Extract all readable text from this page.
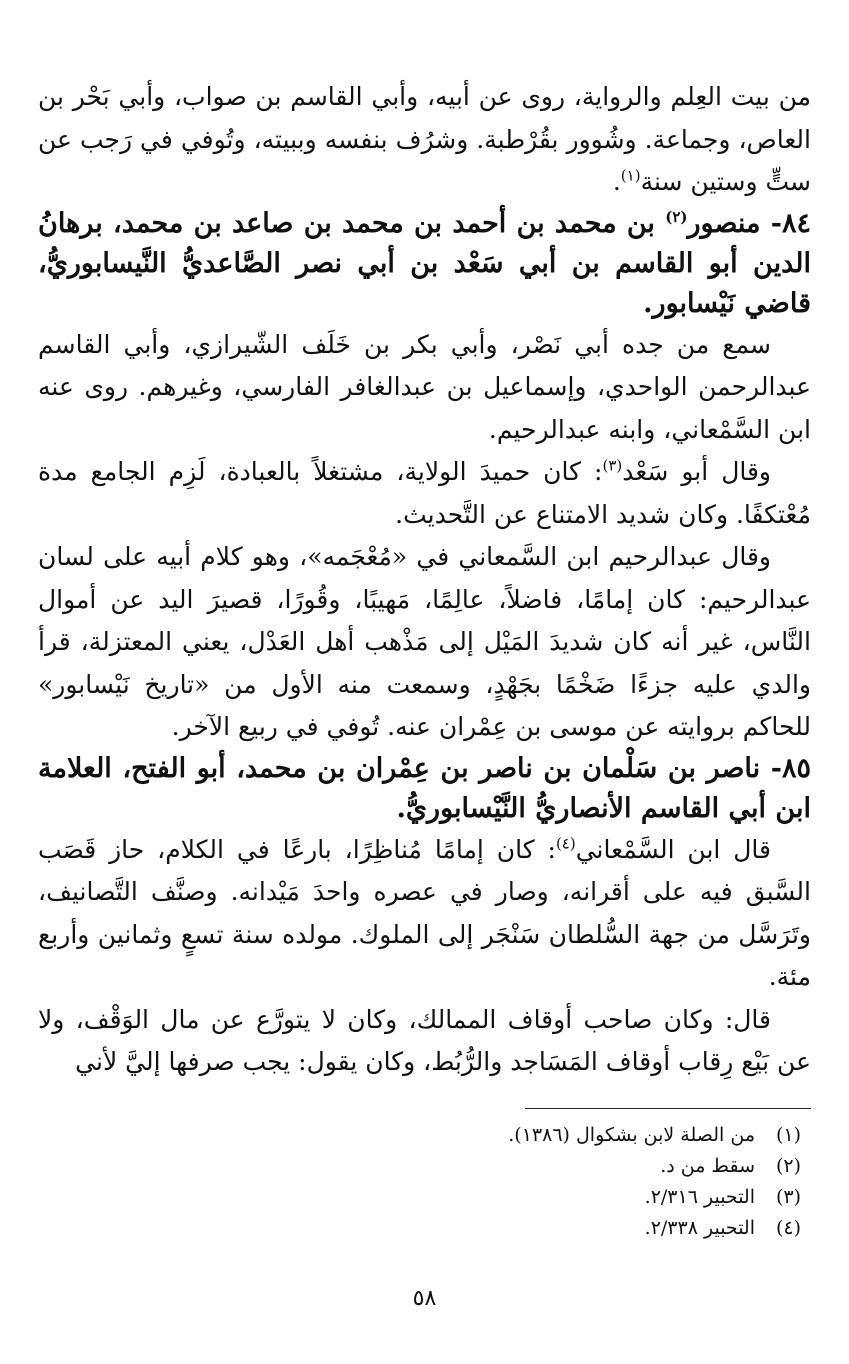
من بيت العِلم والرواية، روى عن أبيه، وأبي القاسم بن صواب، وأبي بَحْر بن العاص، وجماعة. وشُوور بقُرْطبة. وشرُف بنفسه وببيته، وتُوفي في رَجب عن ستٍّ وستين سنة$^{(١)}$.

٨٤- منصور$^{(٢)}$ بن محمد بن أحمد بن محمد بن صاعد بن محمد، برهانُ الدين أبو القاسم بن أبي سَعْد بن أبي نصر الصَّاعديُّ النَّيسابوريُّ، قاضي نَيْسابور.

سمع من جده أبي نَصْر، وأبي بكر بن خَلَف الشّيرازي، وأبي القاسم عبدالرحمن الواحدي، وإسماعيل بن عبدالغافر الفارسي، وغيرهم. روى عنه ابن السَّمْعاني، وابنه عبدالرحيم.

وقال أبو سَعْد$^{(٣)}$: كان حميدَ الولاية، مشتغلاً بالعبادة، لَزِم الجامع مدة مُعْتكفًا. وكان شديد الامتناع عن التَّحديث.

وقال عبدالرحيم ابن السَّمعاني في «مُعْجَمه»، وهو كلام أبيه على لسان عبدالرحيم: كان إمامًا، فاضلاً، عالِمًا، مَهيبًا، وقُورًا، قصيرَ اليد عن أموال النَّاس، غير أنه كان شديدَ المَيْل إلى مَذْهب أهل العَدْل، يعني المعتزلة، قرأ والدي عليه جزءًا ضَخْمًا بجَهْدٍ، وسمعت منه الأول من «تاريخ نَيْسابور» للحاكم بروايته عن موسى بن عِمْران عنه. تُوفي في ربيع الآخر.

٨٥- ناصر بن سَلْمان بن ناصر بن عِمْران بن محمد، أبو الفتح، العلامة ابن أبي القاسم الأنصاريُّ النَّيْسابوريُّ.

قال ابن السَّمْعاني$^{(٤)}$: كان إمامًا مُناظِرًا، بارعًا في الكلام، حاز قَصَب السَّبق فيه على أقرانه، وصار في عصره واحدَ مَيْدانه. وصنَّف التَّصانيف، وتَرَسَّل من جهة السُّلطان سَنْجَر إلى الملوك. مولده سنة تسعٍ وثمانين وأربع مئة.

قال: وكان صاحب أوقاف الممالك، وكان لا يتورَّع عن مال الوَقْف، ولا عن بَيْع رِقاب أوقاف المَسَاجد والرُّبُط، وكان يقول: يجب صرفها إليَّ لأني

(١)من الصلة لابن بشكوال (١٣٨٦).
(٢)سقط من د.
(٣)التحبير ٢/٣١٦.
(٤)التحبير ٢/٣٣٨.
٥٨
